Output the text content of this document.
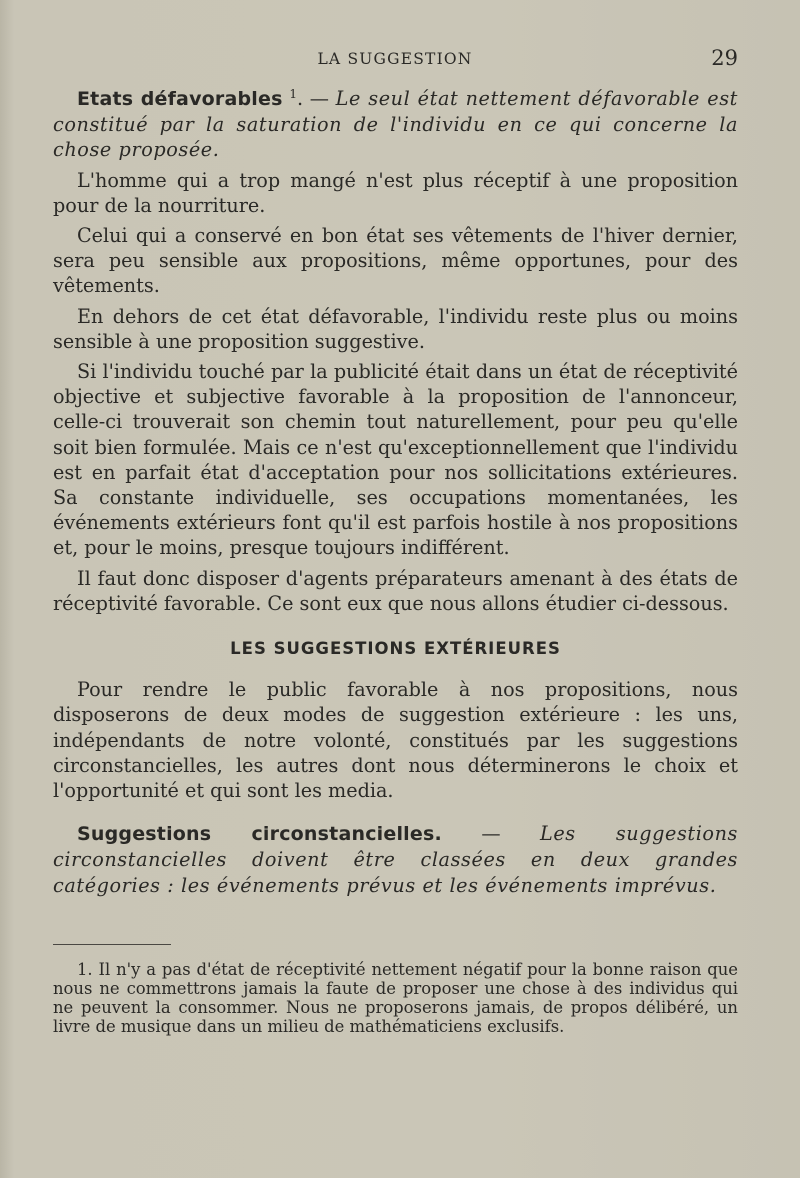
LA SUGGESTION	29

Etats défavorables $^1$. — Le seul état nettement défavorable est constitué par la saturation de l'individu en ce qui concerne la chose proposée.

L'homme qui a trop mangé n'est plus réceptif à une proposition pour de la nourriture.

Celui qui a conservé en bon état ses vêtements de l'hiver dernier, sera peu sensible aux propositions, même opportunes, pour des vêtements.

En dehors de cet état défavorable, l'individu reste plus ou moins sensible à une proposition suggestive.

Si l'individu touché par la publicité était dans un état de réceptivité objective et subjective favorable à la proposition de l'annonceur, celle-ci trouverait son chemin tout naturellement, pour peu qu'elle soit bien formulée. Mais ce n'est qu'exceptionnellement que l'individu est en parfait état d'acceptation pour nos sollicitations extérieures. Sa constante individuelle, ses occupations momentanées, les événements extérieurs font qu'il est parfois hostile à nos propositions et, pour le moins, presque toujours indifférent.

Il faut donc disposer d'agents préparateurs amenant à des états de réceptivité favorable. Ce sont eux que nous allons étudier ci-dessous.

LES SUGGESTIONS EXTÉRIEURES

Pour rendre le public favorable à nos propositions, nous disposerons de deux modes de suggestion extérieure : les uns, indépendants de notre volonté, constitués par les suggestions circonstancielles, les autres dont nous déterminerons le choix et l'opportunité et qui sont les media.

Suggestions circonstancielles. — Les suggestions circonstancielles doivent être classées en deux grandes catégories : les événements prévus et les événements imprévus.

1. Il n'y a pas d'état de réceptivité nettement négatif pour la bonne raison que nous ne commettrons jamais la faute de proposer une chose à des individus qui ne peuvent la consommer. Nous ne proposerons jamais, de propos délibéré, un livre de musique dans un milieu de mathématiciens exclusifs.
